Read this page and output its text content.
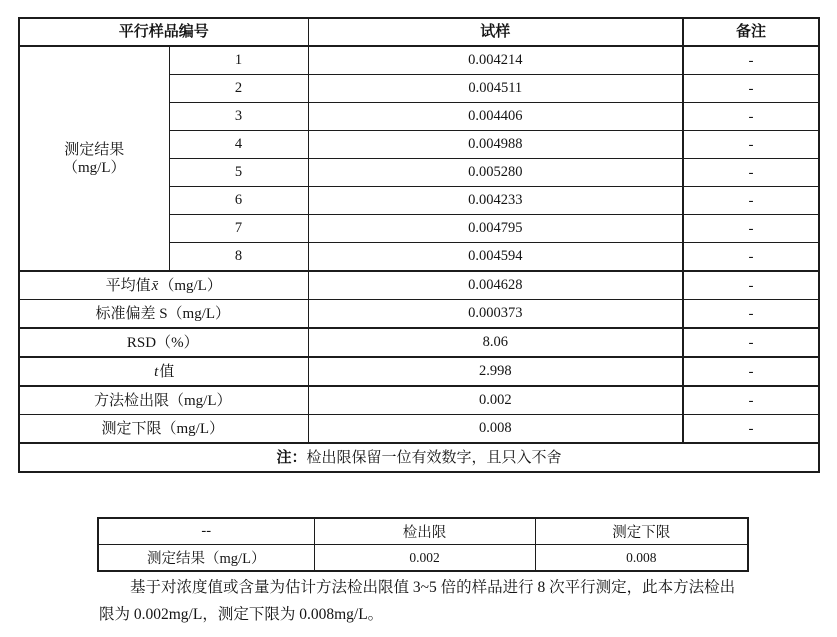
平行样品编号		试样	备注

测定结果
（mg/L）	1	0.004214	-
	2	0.004511	-
	3	0.004406	-
	4	0.004988	-
	5	0.005280	-
	6	0.004233	-
	7	0.004795	-
	8	0.004594	-
平均值x̄（mg/L）		0.004628	-
标准偏差 S（mg/L）		0.000373	-
RSD（%）		8.06	-
t值		2.998	-
方法检出限（mg/L）		0.002	-
测定下限（mg/L）		0.008	-
注：检出限保留一位有效数字，且只入不舍			
--	检出限	测定下限
测定结果（mg/L）	0.002	0.008

基于对浓度值或含量为估计方法检出限值 3~5 倍的样品进行 8 次平行测定，此本方法检出限为 0.002mg/L，测定下限为 0.008mg/L。
